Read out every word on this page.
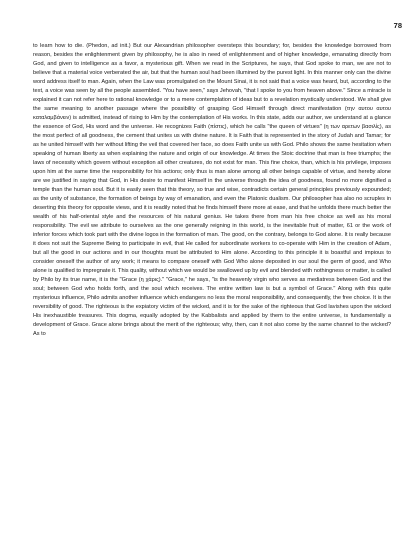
78

to learn how to die. (Phedon, ad init.) But our Alexandrian philosopher oversteps this boundary; for, besides the knowledge borrowed from reason, besides the enlightenment given by philosophy, he is also in need of enlightenment and of higher knowledge, emanating directly from God, and given to intelligence as a favor, a mysterious gift. When we read in the Scriptures, he says, that God spoke to man, we are not to believe that a material voice verberated the air, but that the human soul had been illumined by the purest light. In this manner only can the divine word address itself to man. Again, when the Law was promulgated on the Mount Sinai, it is not said that a voice was heard, but, according to the text, a voice was seen by all the people assembled. "You have seen," says Jehovah, "that I spoke to you from heaven above." Since a miracle is explained it can not refer here to rational knowledge or to a mere contemplation of ideas but to a revelation mystically understood. We shall give the same meaning to another passage where the possibility of grasping God Himself through direct manifestation (την αυτου αυτου καταλαμβάνειν) is admitted, instead of rising to Him by the contemplation of His works. In this state, adds our author, we understand at a glance the essence of God, His word and the universe. He recognizes Faith (πίστις), which he calls "the queen of virtues" (η των αρετων βασιλίς), as the most perfect of all goodness, the cement that unites us with divine nature. It is Faith that is represented in the story of Judah and Tamar; for as he united himself with her without lifting the veil that covered her face, so does Faith unite us with God. Philo shows the same hesitation when speaking of human liberty as when explaining the nature and origin of our knowledge. At times the Stoic doctrine that man is free triumphs; the laws of necessity which govern without exception all other creatures, do not exist for man. This fine choice, than, which is his privilege, imposes upon him at the same time the responsibility for his actions; only thus is man alone among all other beings capable of virtue, and hereby alone are we justified in saying that God, in His desire to manifest Himself in the universe through the idea of goodness, found no more dignified a temple than the human soul. But it is easily seen that this theory, so true and wise, contradicts certain general principles previously expounded; as the unity of substance, the formation of beings by way of emanation, and even the Platonic dualism. Our philosopher has also no scruples in deserting this theory for opposite views, and it is readily noted that he finds himself there more at ease, and that he unfolds there much better the wealth of his half-oriental style and the resources of his natural genius. He takes there from man his free choice as well as his moral responsibility. The evil we attribute to ourselves as the one generally reigning in this world, is the inevitable fruit of matter, 61 or the work of inferior forces which took part with the divine logos in the formation of man. The good, on the contrary, belongs to God alone. It is really because it does not suit the Supreme Being to participate in evil, that He called for subordinate workers to co-operate with Him in the creation of Adam, but all the good in our actions and in our thoughts must be attributed to Him alone. According to this principle it is boastful and impious to consider oneself the author of any work; it means to compare oneself with God Who alone deposited in our soul the germ of good, and Who alone is qualified to impregnate it. This quality, without which we would be swallowed up by evil and blended with nothingness or matter, is called by Philo by its true name, it is the "Grace (η χάρις)." "Grace," he says, "is the heavenly virgin who serves as mediatress between God and the soul; between God who holds forth, and the soul which receives. The entire written law is but a symbol of Grace." Along with this quite mysterious influence, Philo admits another influence which endangers no less the moral responsibility, and consequently, the free choice. It is the reversibility of good. The righteous is the expiatory victim of the wicked, and it is for the sake of the righteous that God lavishes upon the wicked His inexhaustible treasures. This dogma, equally adopted by the Kabbalists and applied by them to the entire universe, is fundamentally a development of Grace. Grace alone brings about the merit of the righteous; why, then, can it not also come by the same channel to the wicked? As to
